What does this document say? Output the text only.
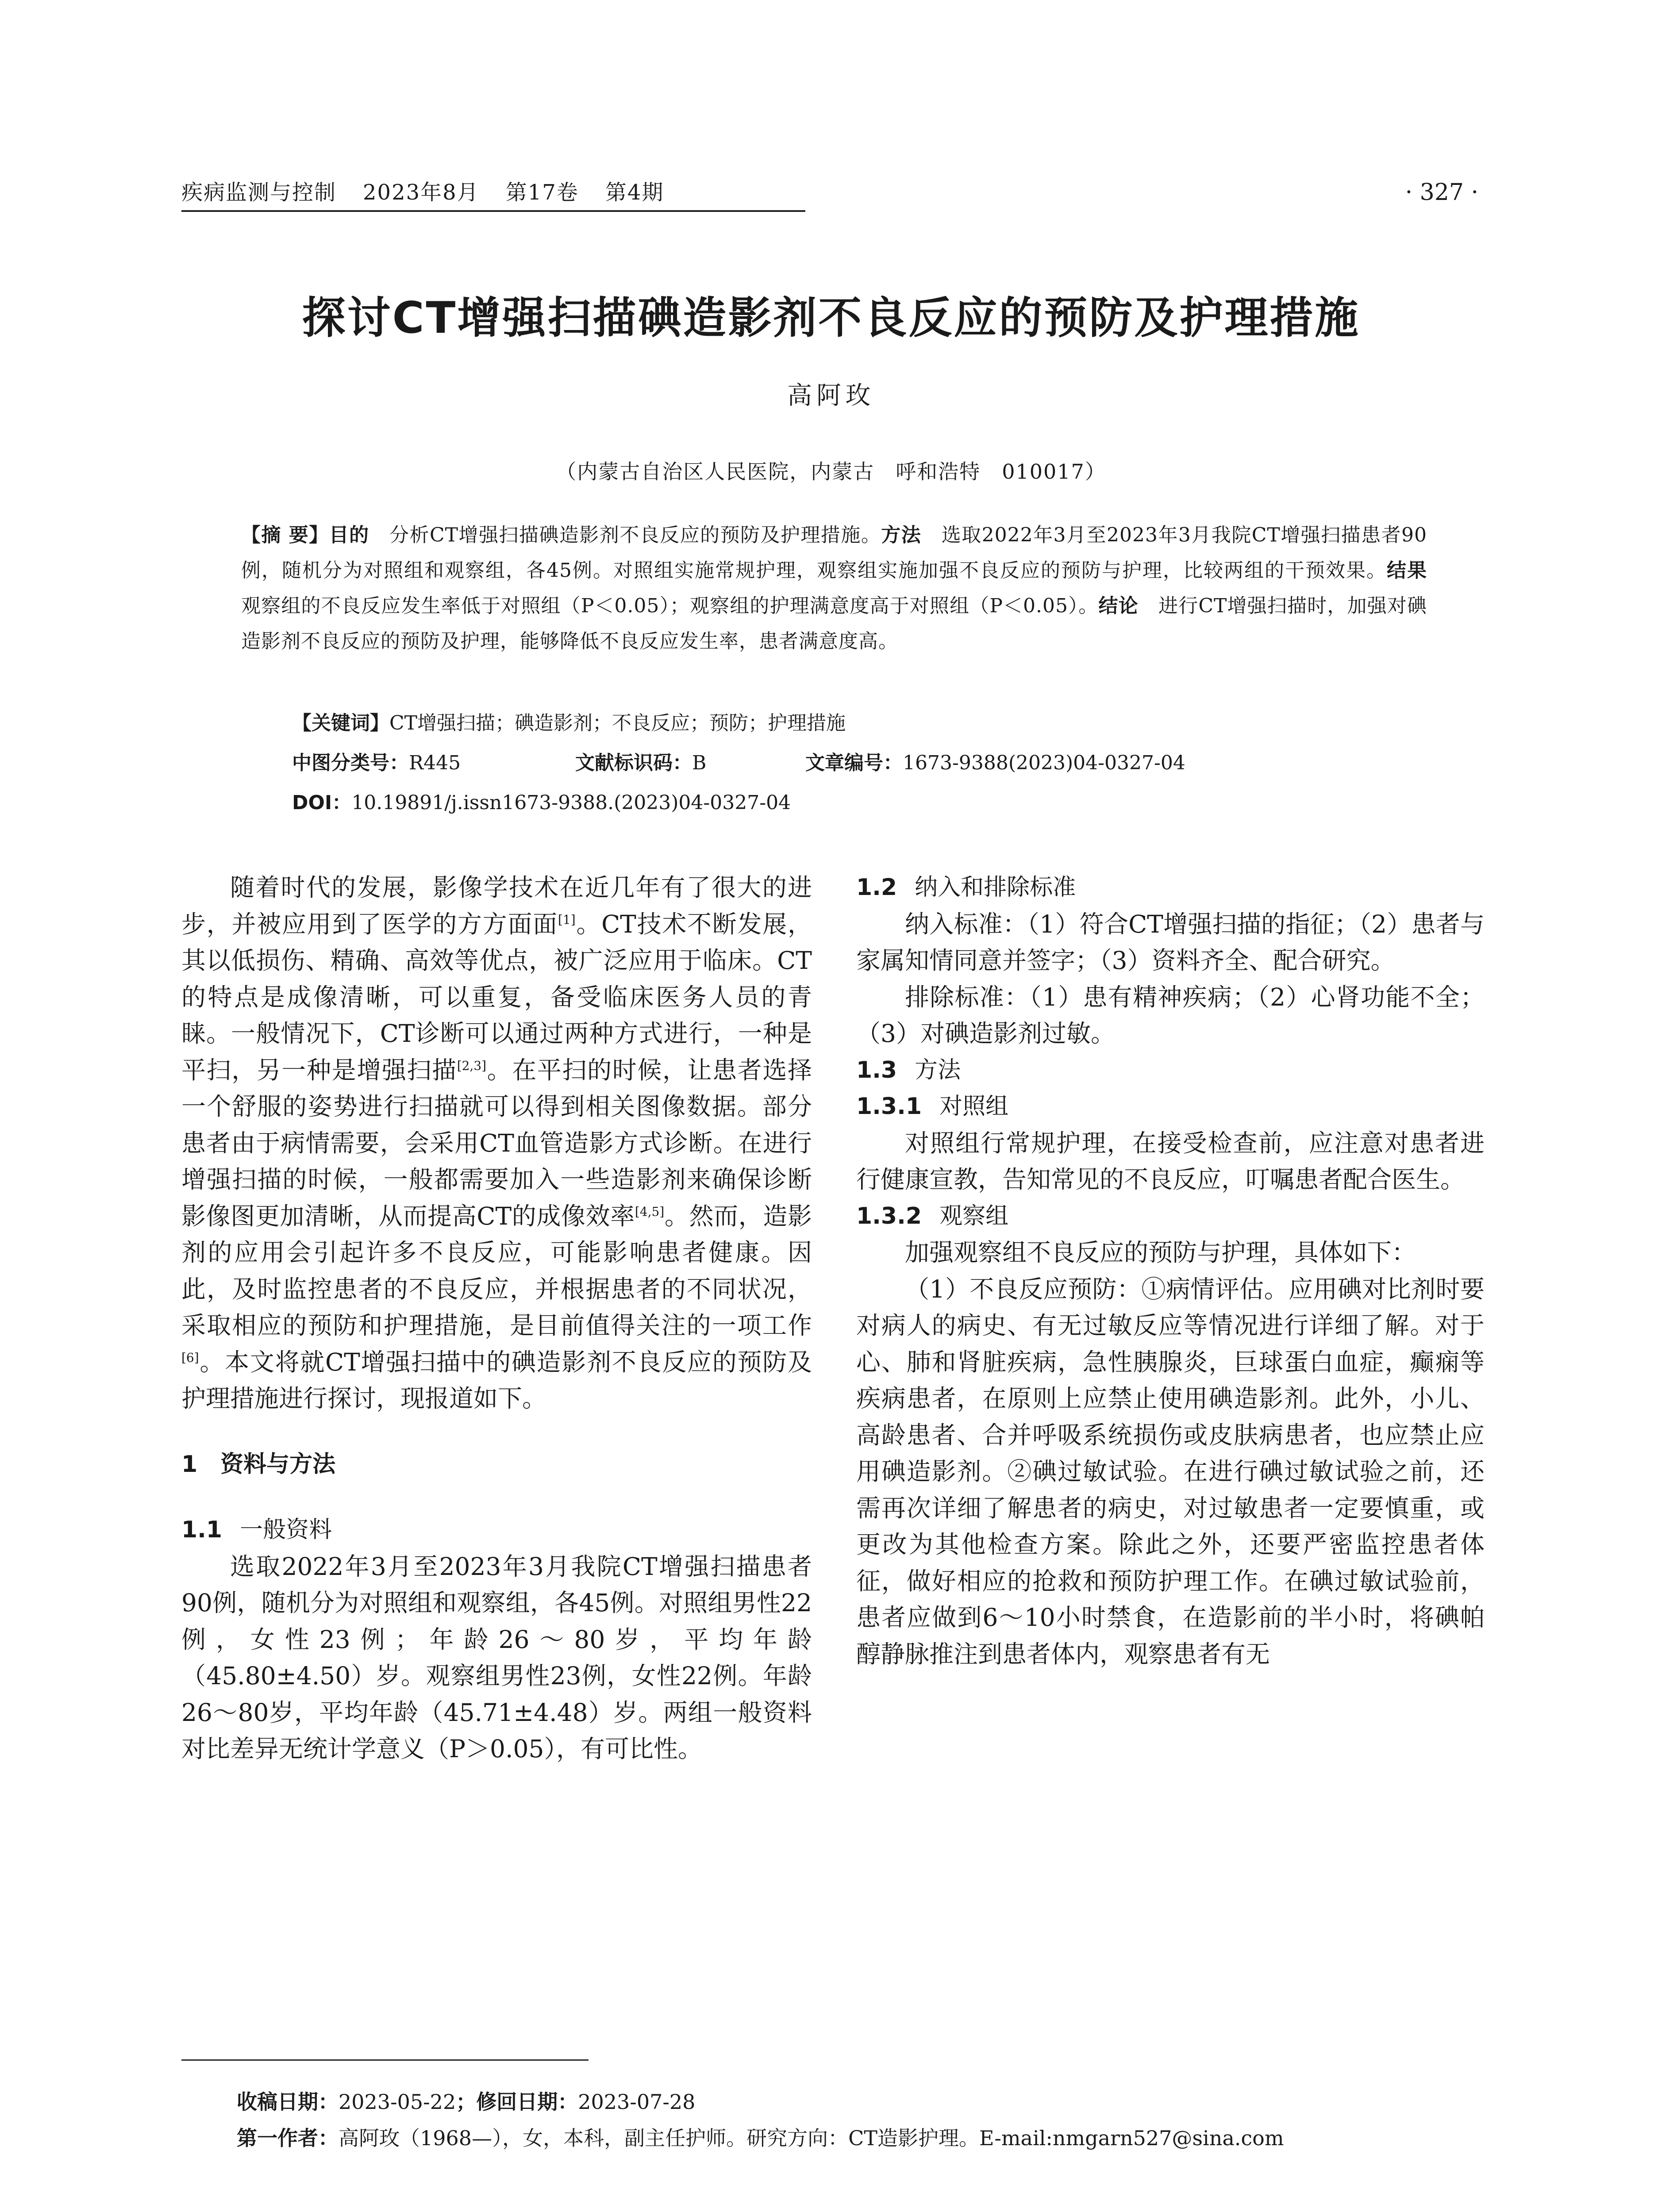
疾病监测与控制 2023年8月 第17卷 第4期	· 327 ·
探讨CT增强扫描碘造影剂不良反应的预防及护理措施
高阿玫
（内蒙古自治区人民医院，内蒙古　呼和浩特　010017）

【摘 要】目的　 分析CT增强扫描碘造影剂不良反应的预防及护理措施。方法　 选取2022年3月至2023年3月我院CT增强扫描患者90例，随机分为对照组和观察组，各45例。对照组实施常规护理，观察组实施加强不良反应的预防与护理，比较两组的干预效果。结果　观察组的不良反应发生率低于对照组（P＜0.05）；观察组的护理满意度高于对照组（P＜0.05）。结论　 进行CT增强扫描时，加强对碘造影剂不良反应的预防及护理，能够降低不良反应发生率，患者满意度高。

【关键词】CT增强扫描；碘造影剂；不良反应；预防；护理措施
中图分类号：R445	文献标识码：B	文章编号：1673-9388(2023)04-0327-04
DOI：10.19891/j.issn1673-9388.(2023)04-0327-04

随着时代的发展，影像学技术在近几年有了很大的进步，并被应用到了医学的方方面面[1]。CT技术不断发展，其以低损伤、精确、高效等优点，被广泛应用于临床。CT的特点是成像清晰，可以重复，备受临床医务人员的青睐。一般情况下，CT诊断可以通过两种方式进行，一种是平扫，另一种是增强扫描[2,3]。在平扫的时候，让患者选择一个舒服的姿势进行扫描就可以得到相关图像数据。部分患者由于病情需要，会采用CT血管造影方式诊断。在进行增强扫描的时候，一般都需要加入一些造影剂来确保诊断影像图更加清晰，从而提高CT的成像效率[4,5]。然而，造影剂的应用会引起许多不良反应，可能影响患者健康。因此，及时监控患者的不良反应，并根据患者的不同状况，采取相应的预防和护理措施，是目前值得关注的一项工作[6]。本文将就CT增强扫描中的碘造影剂不良反应的预防及护理措施进行探讨，现报道如下。

1　资料与方法

1.1 一般资料

选取2022年3月至2023年3月我院CT增强扫描患者90例，随机分为对照组和观察组，各45例。对照组男性22例，女性23例；年龄26～80岁，平均年龄（45.80±4.50）岁。观察组男性23例，女性22例。年龄26～80岁，平均年龄（45.71±4.48）岁。两组一般资料对比差异无统计学意义（P＞0.05），有可比性。

1.2 纳入和排除标准

纳入标准：（1）符合CT增强扫描的指征；（2）患者与家属知情同意并签字；（3）资料齐全、配合研究。

排除标准：（1）患有精神疾病；（2）心肾功能不全；（3）对碘造影剂过敏。

1.3 方法

1.3.1 对照组

对照组行常规护理，在接受检查前，应注意对患者进行健康宣教，告知常见的不良反应，叮嘱患者配合医生。

1.3.2 观察组

加强观察组不良反应的预防与护理，具体如下：

（1）不良反应预防：①病情评估。应用碘对比剂时要对病人的病史、有无过敏反应等情况进行详细了解。对于心、肺和肾脏疾病，急性胰腺炎，巨球蛋白血症，癫痫等疾病患者，在原则上应禁止使用碘造影剂。此外，小儿、高龄患者、合并呼吸系统损伤或皮肤病患者，也应禁止应用碘造影剂。②碘过敏试验。在进行碘过敏试验之前，还需再次详细了解患者的病史，对过敏患者一定要慎重，或更改为其他检查方案。除此之外，还要严密监控患者体征，做好相应的抢救和预防护理工作。在碘过敏试验前，患者应做到6～10小时禁食，在造影前的半小时，将碘帕醇静脉推注到患者体内，观察患者有无

收稿日期：2023-05-22；修回日期：2023-07-28

第一作者：高阿玫（1968—），女，本科，副主任护师。研究方向：CT造影护理。E-mail:nmgarn527@sina.com
